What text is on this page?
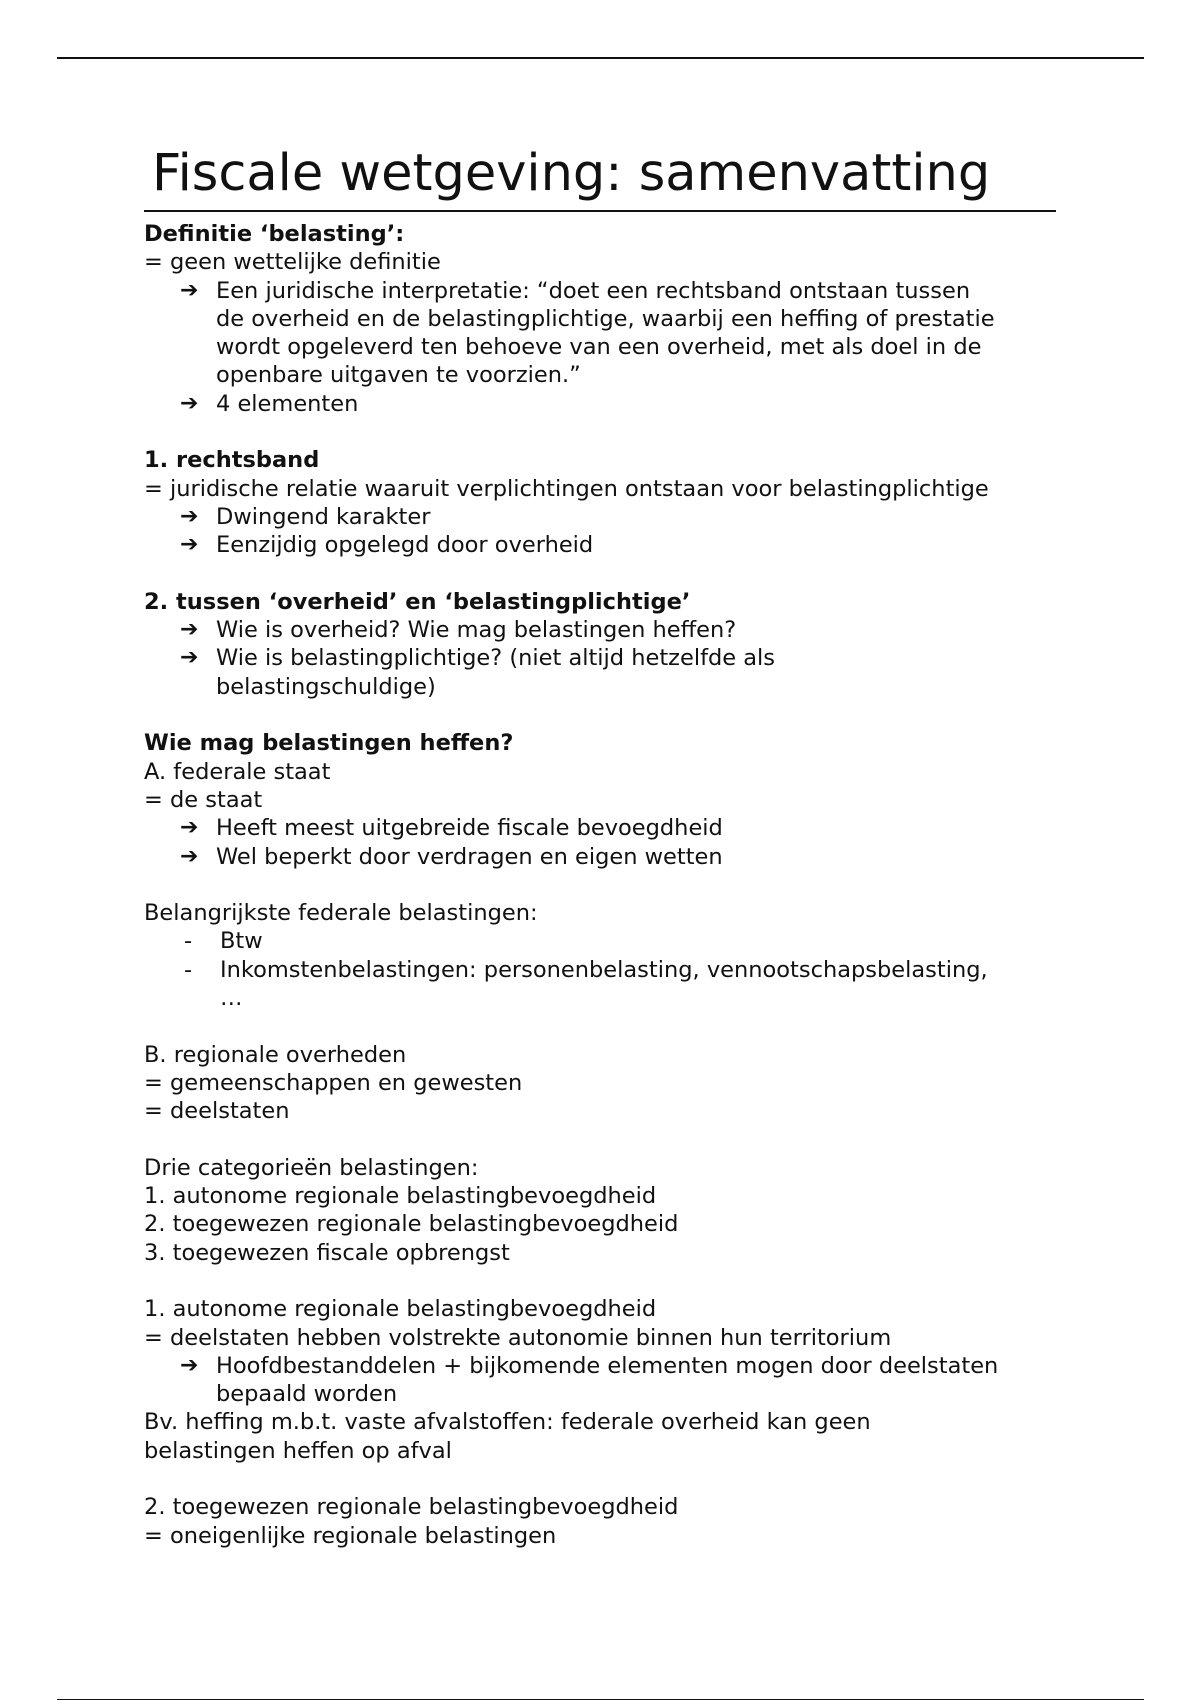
Fiscale wetgeving: samenvatting
Definitie ‘belasting’:
= geen wettelijke definitie
➔ Een juridische interpretatie: “doet een rechtsband ontstaan tussen
de overheid en de belastingplichtige, waarbij een heffing of prestatie
wordt opgeleverd ten behoeve van een overheid, met als doel in de
openbare uitgaven te voorzien.”
➔ 4 elementen
1. rechtsband
= juridische relatie waaruit verplichtingen ontstaan voor belastingplichtige
➔ Dwingend karakter
➔ Eenzijdig opgelegd door overheid
2. tussen ‘overheid’ en ‘belastingplichtige’
➔ Wie is overheid? Wie mag belastingen heffen?
➔ Wie is belastingplichtige? (niet altijd hetzelfde als
belastingschuldige)
Wie mag belastingen heffen?
A. federale staat
= de staat
➔ Heeft meest uitgebreide fiscale bevoegdheid
➔ Wel beperkt door verdragen en eigen wetten
Belangrijkste federale belastingen:
-	Btw
-	Inkomstenbelastingen: personenbelasting, vennootschapsbelasting,
…
B. regionale overheden
= gemeenschappen en gewesten
= deelstaten
Drie categorieën belastingen:
1. autonome regionale belastingbevoegdheid
2. toegewezen regionale belastingbevoegdheid
3. toegewezen fiscale opbrengst
1. autonome regionale belastingbevoegdheid
= deelstaten hebben volstrekte autonomie binnen hun territorium
➔ Hoofdbestanddelen + bijkomende elementen mogen door deelstaten
bepaald worden
Bv. heffing m.b.t. vaste afvalstoffen: federale overheid kan geen
belastingen heffen op afval
2. toegewezen regionale belastingbevoegdheid
= oneigenlijke regionale belastingen
